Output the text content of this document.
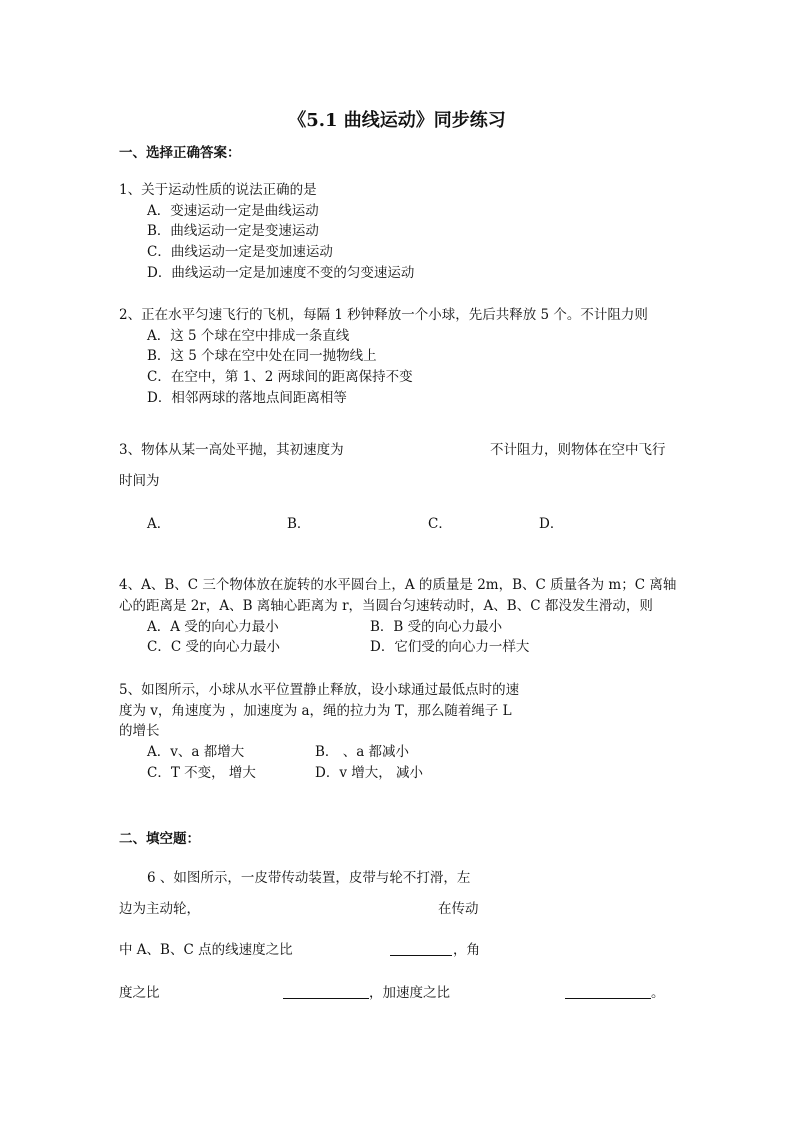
《5.1 曲线运动》同步练习
一、选择正确答案：
1、关于运动性质的说法正确的是
A．变速运动一定是曲线运动
B．曲线运动一定是变速运动
C．曲线运动一定是变加速运动
D．曲线运动一定是加速度不变的匀变速运动
2、正在水平匀速飞行的飞机，每隔 1 秒钟释放一个小球，先后共释放 5 个。不计阻力则
A．这 5 个球在空中排成一条直线
B．这 5 个球在空中处在同一抛物线上
C．在空中，第 1、2 两球间的距离保持不变
D．相邻两球的落地点间距离相等
3、物体从某一高处平抛，其初速度为	不计阻力，则物体在空中飞行
时间为
A．	B．	C．	D．
4、A、B、C 三个物体放在旋转的水平圆台上，A 的质量是 2m，B、C 质量各为 m；C 离轴
心的距离是 2r，A、B 离轴心距离为 r，当圆台匀速转动时，A、B、C 都没发生滑动，则
A．A 受的向心力最小	B．B 受的向心力最小
C．C 受的向心力最小	D．它们受的向心力一样大
5、如图所示，小球从水平位置静止释放，设小球通过最低点时的速
度为 v，角速度为 ，加速度为 a，绳的拉力为 T，那么随着绳子 L
的增长
A．v、a 都增大	B． 、a 都减小
C．T 不变， 增大	D．v 增大， 减小
二、填空题：
6 、如图所示，一皮带传动装置，皮带与轮不打滑，左
边为主动轮，	在传动
中 A、B、C 点的线速度之比	，角
度之比	，加速度之比	。
